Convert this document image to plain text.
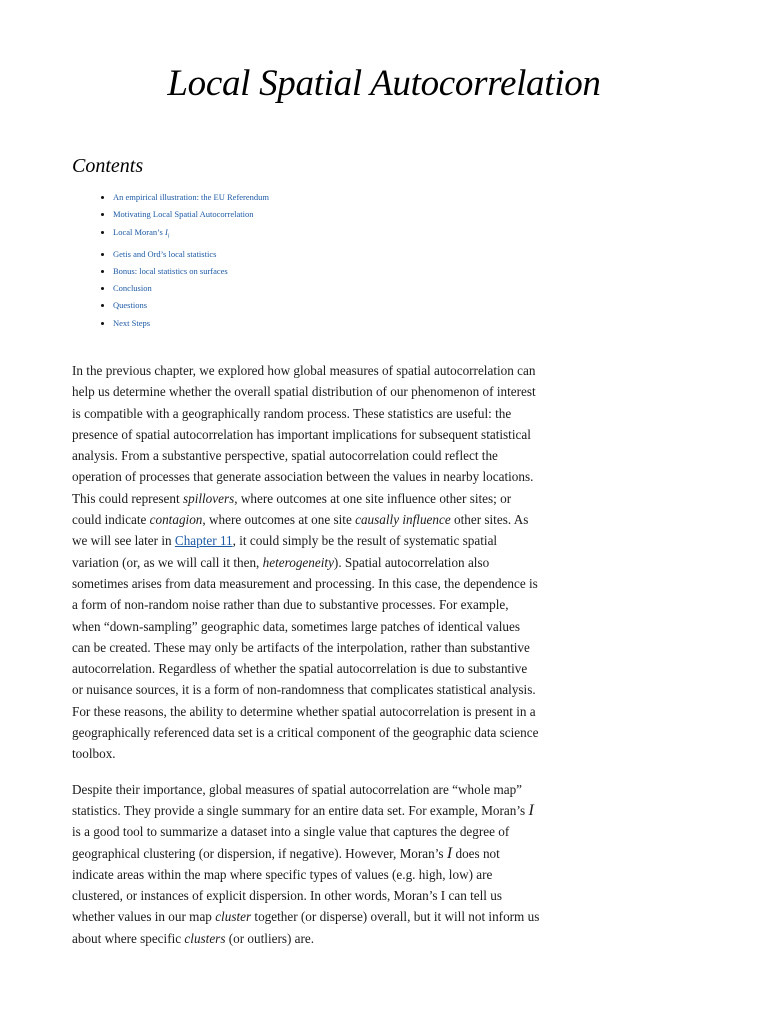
Local Spatial Autocorrelation
Contents
• An empirical illustration: the EU Referendum
• Motivating Local Spatial Autocorrelation
• Local Moran’s $I_i$
• Getis and Ord’s local statistics
• Bonus: local statistics on surfaces
• Conclusion
• Questions
• Next Steps

In the previous chapter, we explored how global measures of spatial autocorrelation can help us determine whether the overall spatial distribution of our phenomenon of interest is compatible with a geographically random process. These statistics are useful: the presence of spatial autocorrelation has important implications for subsequent statistical analysis. From a substantive perspective, spatial autocorrelation could reflect the operation of processes that generate association between the values in nearby locations. This could represent spillovers, where outcomes at one site influence other sites; or could indicate contagion, where outcomes at one site causally influence other sites. As we will see later in Chapter 11, it could simply be the result of systematic spatial variation (or, as we will call it then, heterogeneity). Spatial autocorrelation also sometimes arises from data measurement and processing. In this case, the dependence is a form of non-random noise rather than due to substantive processes. For example, when “down-sampling” geographic data, sometimes large patches of identical values can be created. These may only be artifacts of the interpolation, rather than substantive autocorrelation. Regardless of whether the spatial autocorrelation is due to substantive or nuisance sources, it is a form of non-randomness that complicates statistical analysis. For these reasons, the ability to determine whether spatial autocorrelation is present in a geographically referenced data set is a critical component of the geographic data science toolbox.

Despite their importance, global measures of spatial autocorrelation are “whole map” statistics. They provide a single summary for an entire data set. For example, Moran’s I is a good tool to summarize a dataset into a single value that captures the degree of geographical clustering (or dispersion, if negative). However, Moran’s I does not indicate areas within the map where specific types of values (e.g. high, low) are clustered, or instances of explicit dispersion. In other words, Moran’s I can tell us whether values in our map cluster together (or disperse) overall, but it will not inform us about where specific clusters (or outliers) are.
